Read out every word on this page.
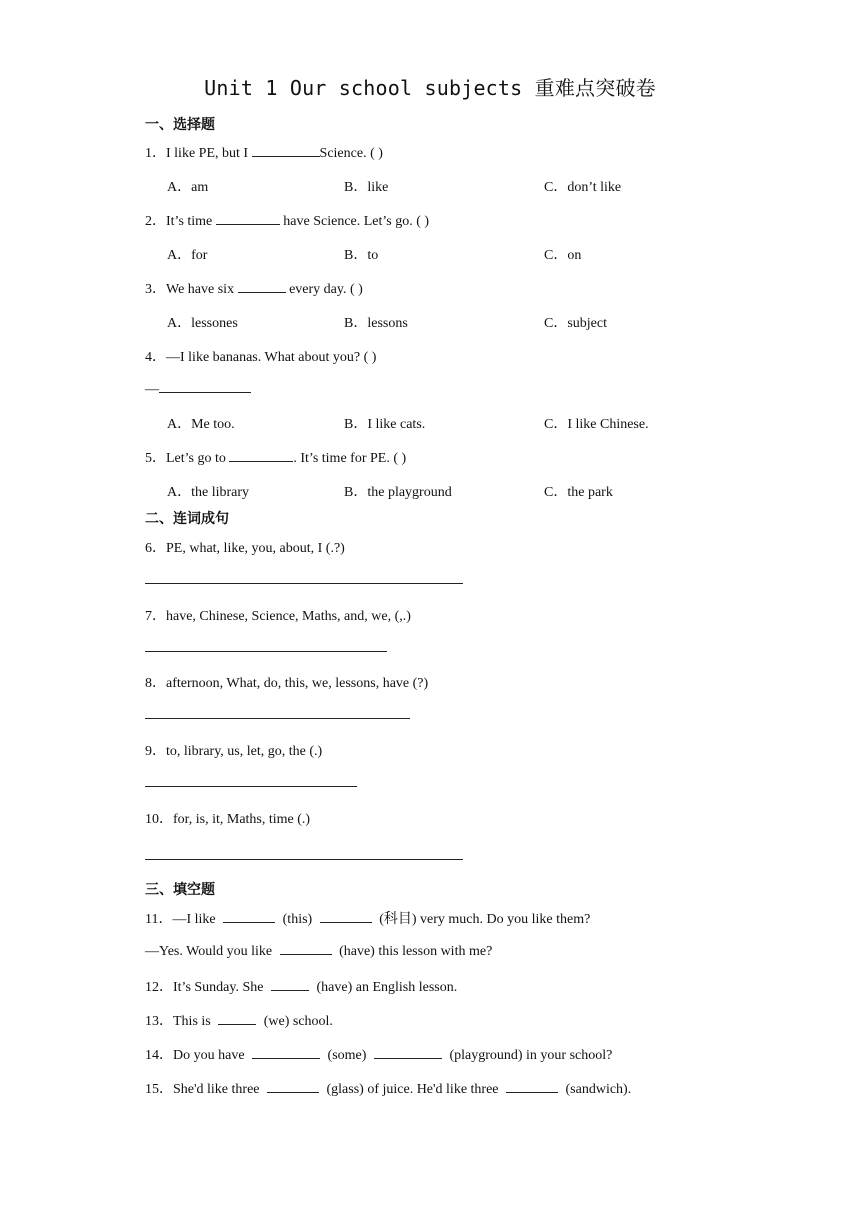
Unit 1 Our school subjects 重难点突破卷
一、选择题
1．I like PE, but I	Science. ( )
A．am	B．like	C．don’t like
2．It’s time	have Science. Let’s go. ( )
A．for	B．to	C．on
3．We have six	every day. ( )
A．lessones	B．lessons	C．subject
4．—I like bananas. What about you? ( )
—
A．Me too.	B．I like cats.	C．I like Chinese.
5．Let’s go to	. It’s time for PE. ( )
A．the library	B．the playground	C．the park
二、连词成句
6．PE, what, like, you, about, I (.?)
7．have, Chinese, Science, Maths, and, we, (,.)
8．afternoon, What, do, this, we, lessons, have (?)
9．to, library, us, let, go, the (.)
10．for, is, it, Maths, time (.)
三、填空题
11．—I like	(this)	(科目) very much. Do you like them?
—Yes. Would you like	(have) this lesson with me?
12．It’s Sunday. She	(have) an English lesson.
13．This is	(we) school.
14．Do you have	(some)	(playground) in your school?
15．She'd like three	(glass) of juice. He'd like three	(sandwich).
